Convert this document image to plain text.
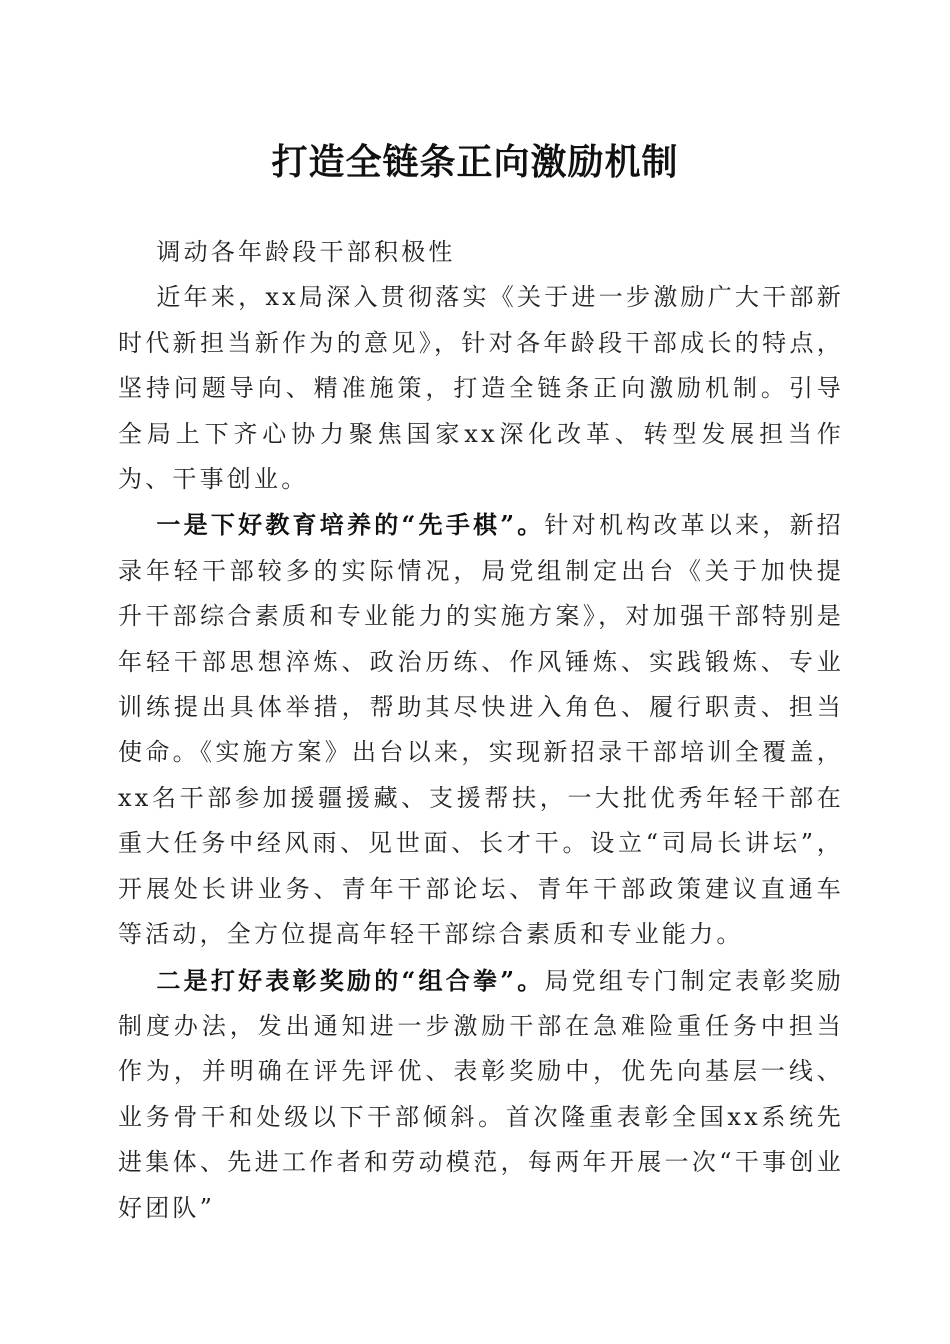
打造全链条正向激励机制

调动各年龄段干部积极性

近年来，xx局深入贯彻落实《关于进一步激励广大干部新时代新担当新作为的意见》，针对各年龄段干部成长的特点，坚持问题导向、精准施策，打造全链条正向激励机制。引导全局上下齐心协力聚焦国家xx深化改革、转型发展担当作为、干事创业。

一是下好教育培养的“先手棋”。针对机构改革以来，新招录年轻干部较多的实际情况，局党组制定出台《关于加快提升干部综合素质和专业能力的实施方案》，对加强干部特别是年轻干部思想淬炼、政治历练、作风锤炼、实践锻炼、专业训练提出具体举措，帮助其尽快进入角色、履行职责、担当使命。《实施方案》出台以来，实现新招录干部培训全覆盖，xx名干部参加援疆援藏、支援帮扶，一大批优秀年轻干部在重大任务中经风雨、见世面、长才干。设立“司局长讲坛”，开展处长讲业务、青年干部论坛、青年干部政策建议直通车等活动，全方位提高年轻干部综合素质和专业能力。

二是打好表彰奖励的“组合拳”。局党组专门制定表彰奖励制度办法，发出通知进一步激励干部在急难险重任务中担当作为，并明确在评先评优、表彰奖励中，优先向基层一线、业务骨干和处级以下干部倾斜。首次隆重表彰全国xx系统先进集体、先进工作者和劳动模范，每两年开展一次“干事创业好团队”
